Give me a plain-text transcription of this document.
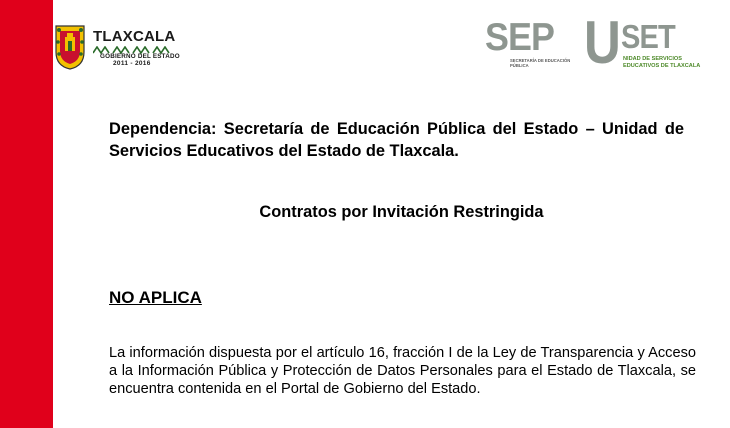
TLAXCALA
GOBIERNO DEL ESTADO
2011 - 2016
SEP
SECRETARÍA DE EDUCACIÓN PÚBLICA U SET
NIDAD DE SERVICIOS EDUCATIVOS DE TLAXCALA
Dependencia: Secretaría de Educación Pública del Estado – Unidad de Servicios Educativos del Estado de Tlaxcala.
Contratos por Invitación Restringida
NO APLICA
La información dispuesta por el artículo 16, fracción I de la Ley de Transparencia y Acceso a la Información Pública y Protección de Datos Personales para el Estado de Tlaxcala, se encuentra contenida en el Portal de Gobierno del Estado.
